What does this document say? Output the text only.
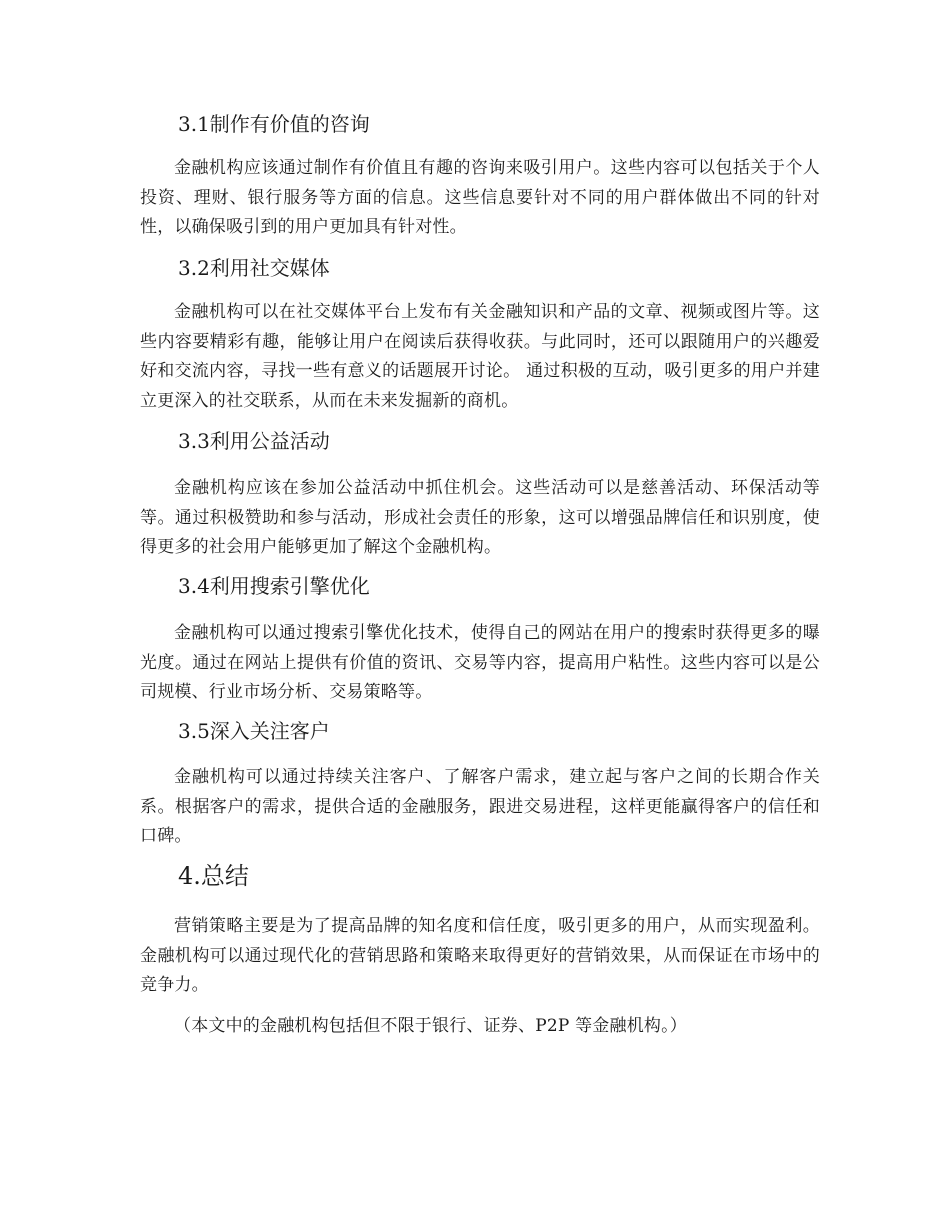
3.1制作有价值的咨询

金融机构应该通过制作有价值且有趣的咨询来吸引用户。这些内容可以包括关于个人投资、理财、银行服务等方面的信息。这些信息要针对不同的用户群体做出不同的针对性，以确保吸引到的用户更加具有针对性。

3.2利用社交媒体

金融机构可以在社交媒体平台上发布有关金融知识和产品的文章、视频或图片等。这些内容要精彩有趣，能够让用户在阅读后获得收获。与此同时，还可以跟随用户的兴趣爱好和交流内容，寻找一些有意义的话题展开讨论。 通过积极的互动，吸引更多的用户并建立更深入的社交联系，从而在未来发掘新的商机。

3.3利用公益活动

金融机构应该在参加公益活动中抓住机会。这些活动可以是慈善活动、环保活动等等。通过积极赞助和参与活动，形成社会责任的形象，这可以增强品牌信任和识别度，使得更多的社会用户能够更加了解这个金融机构。

3.4利用搜索引擎优化

金融机构可以通过搜索引擎优化技术，使得自己的网站在用户的搜索时获得更多的曝光度。通过在网站上提供有价值的资讯、交易等内容，提高用户粘性。这些内容可以是公司规模、行业市场分析、交易策略等。

3.5深入关注客户

金融机构可以通过持续关注客户、了解客户需求，建立起与客户之间的长期合作关系。根据客户的需求，提供合适的金融服务，跟进交易进程，这样更能赢得客户的信任和口碑。

4.总结

营销策略主要是为了提高品牌的知名度和信任度，吸引更多的用户，从而实现盈利。金融机构可以通过现代化的营销思路和策略来取得更好的营销效果，从而保证在市场中的竞争力。

（本文中的金融机构包括但不限于银行、证券、P2P 等金融机构。）
